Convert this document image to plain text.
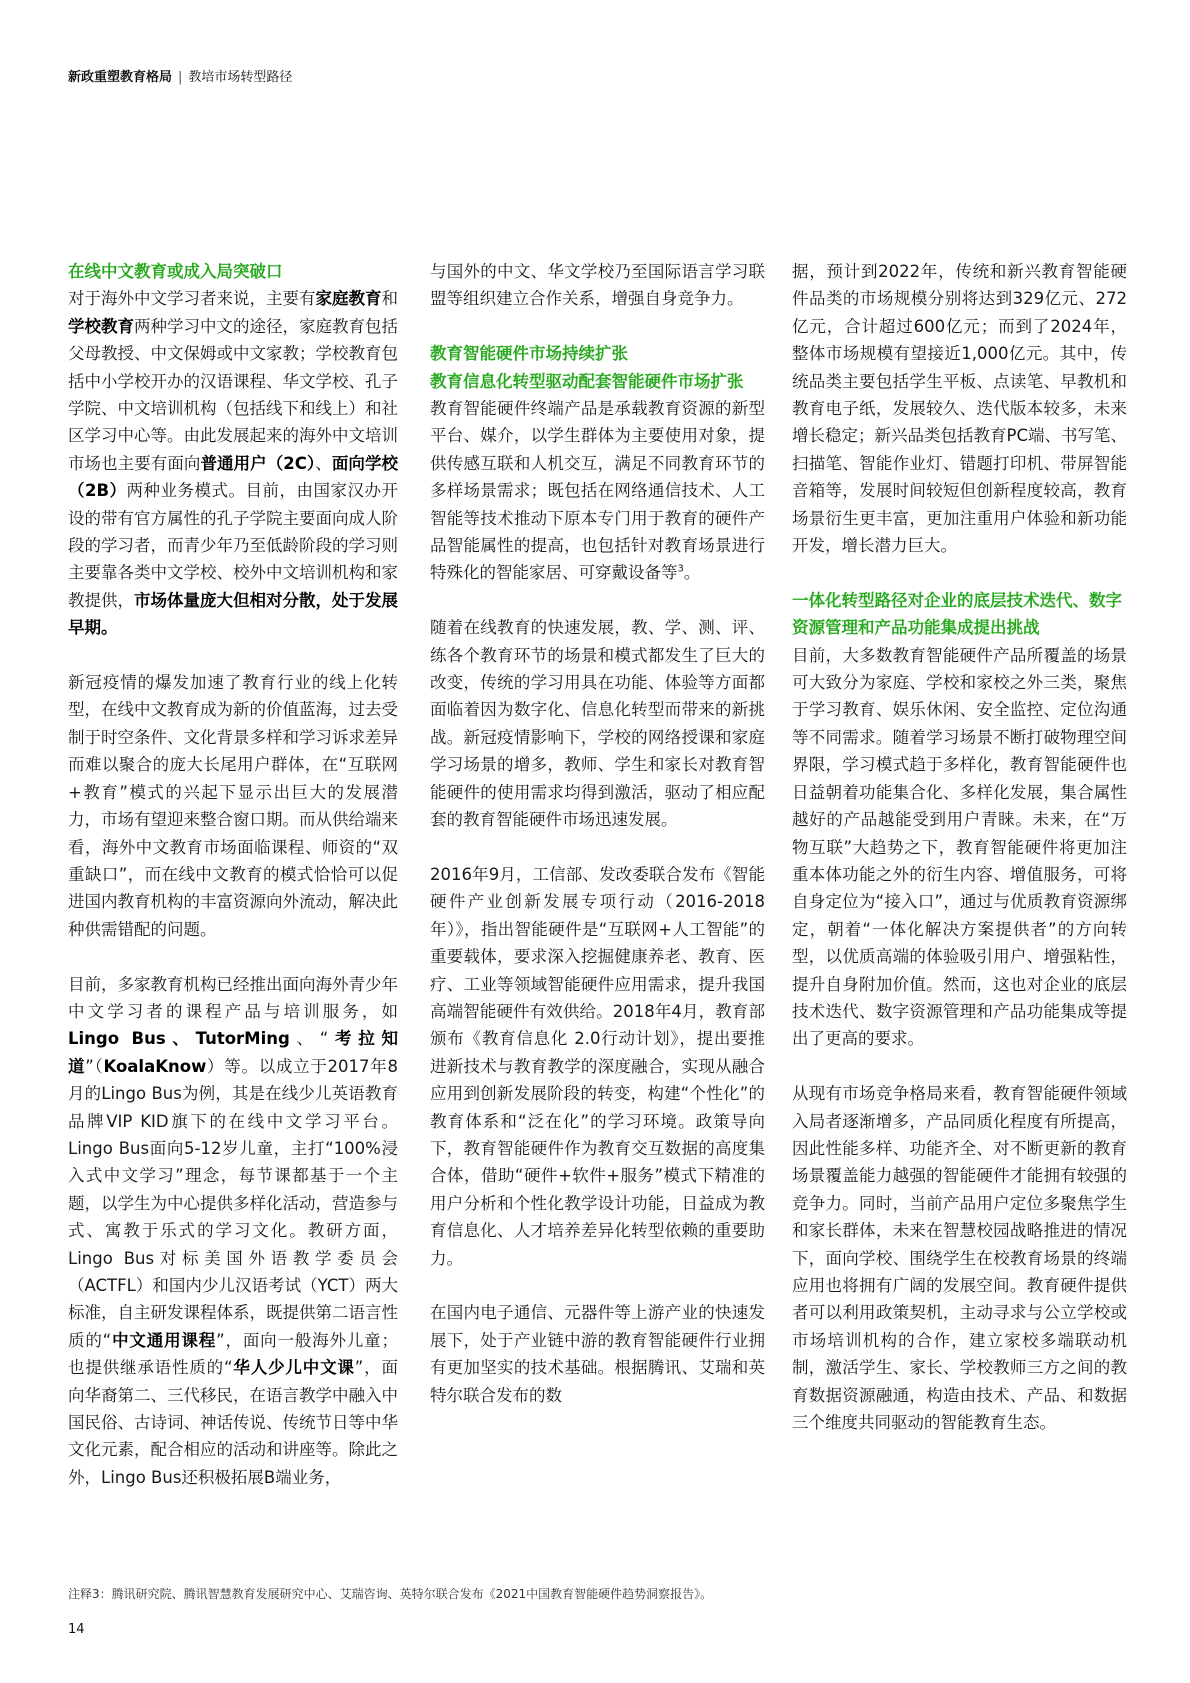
新政重塑教育格局 | 教培市场转型路径
在线中文教育或成入局突破口

对于海外中文学习者来说，主要有家庭教育和学校教育两种学习中文的途径，家庭教育包括父母教授、中文保姆或中文家教；学校教育包括中小学校开办的汉语课程、华文学校、孔子学院、中文培训机构（包括线下和线上）和社区学习中心等。由此发展起来的海外中文培训市场也主要有面向普通用户（2C）、面向学校（2B）两种业务模式。目前，由国家汉办开设的带有官方属性的孔子学院主要面向成人阶段的学习者，而青少年乃至低龄阶段的学习则主要靠各类中文学校、校外中文培训机构和家教提供，市场体量庞大但相对分散，处于发展早期。

新冠疫情的爆发加速了教育行业的线上化转型，在线中文教育成为新的价值蓝海，过去受制于时空条件、文化背景多样和学习诉求差异而难以聚合的庞大长尾用户群体，在“互联网+教育”模式的兴起下显示出巨大的发展潜力，市场有望迎来整合窗口期。而从供给端来看，海外中文教育市场面临课程、师资的“双重缺口”，而在线中文教育的模式恰恰可以促进国内教育机构的丰富资源向外流动，解决此种供需错配的问题。

目前，多家教育机构已经推出面向海外青少年中文学习者的课程产品与培训服务，如Lingo Bus、TutorMing、“考拉知道”（KoalaKnow）等。以成立于2017年8月的Lingo Bus为例，其是在线少儿英语教育品牌VIP KID旗下的在线中文学习平台。Lingo Bus面向5-12岁儿童，主打“100%浸入式中文学习”理念，每节课都基于一个主题，以学生为中心提供多样化活动，营造参与式、寓教于乐式的学习文化。教研方面，Lingo Bus对标美国外语教学委员会（ACTFL）和国内少儿汉语考试（YCT）两大标准，自主研发课程体系，既提供第二语言性质的“中文通用课程”，面向一般海外儿童；也提供继承语性质的“华人少儿中文课”，面向华裔第二、三代移民，在语言教学中融入中国民俗、古诗词、神话传说、传统节日等中华文化元素，配合相应的活动和讲座等。除此之外，Lingo Bus还积极拓展B端业务，

与国外的中文、华文学校乃至国际语言学习联盟等组织建立合作关系，增强自身竞争力。

教育智能硬件市场持续扩张
教育信息化转型驱动配套智能硬件市场扩张

教育智能硬件终端产品是承载教育资源的新型平台、媒介，以学生群体为主要使用对象，提供传感互联和人机交互，满足不同教育环节的多样场景需求；既包括在网络通信技术、人工智能等技术推动下原本专门用于教育的硬件产品智能属性的提高，也包括针对教育场景进行特殊化的智能家居、可穿戴设备等$^3$。

随着在线教育的快速发展，教、学、测、评、练各个教育环节的场景和模式都发生了巨大的改变，传统的学习用具在功能、体验等方面都面临着因为数字化、信息化转型而带来的新挑战。新冠疫情影响下，学校的网络授课和家庭学习场景的增多，教师、学生和家长对教育智能硬件的使用需求均得到激活，驱动了相应配套的教育智能硬件市场迅速发展。

2016年9月，工信部、发改委联合发布《智能硬件产业创新发展专项行动（2016-2018年）》，指出智能硬件是“互联网+人工智能”的重要载体，要求深入挖掘健康养老、教育、医疗、工业等领域智能硬件应用需求，提升我国高端智能硬件有效供给。2018年4月，教育部颁布《教育信息化 2.0行动计划》，提出要推进新技术与教育教学的深度融合，实现从融合应用到创新发展阶段的转变，构建“个性化”的教育体系和“泛在化”的学习环境。政策导向下，教育智能硬件作为教育交互数据的高度集合体，借助“硬件+软件+服务”模式下精准的用户分析和个性化教学设计功能，日益成为教育信息化、人才培养差异化转型依赖的重要助力。

在国内电子通信、元器件等上游产业的快速发展下，处于产业链中游的教育智能硬件行业拥有更加坚实的技术基础。根据腾讯、艾瑞和英特尔联合发布的数

据，预计到2022年，传统和新兴教育智能硬件品类的市场规模分别将达到329亿元、272亿元，合计超过600亿元；而到了2024年，整体市场规模有望接近1,000亿元。其中，传统品类主要包括学生平板、点读笔、早教机和教育电子纸，发展较久、迭代版本较多，未来增长稳定；新兴品类包括教育PC端、书写笔、扫描笔、智能作业灯、错题打印机、带屏智能音箱等，发展时间较短但创新程度较高，教育场景衍生更丰富，更加注重用户体验和新功能开发，增长潜力巨大。

一体化转型路径对企业的底层技术迭代、数字资源管理和产品功能集成提出挑战

目前，大多数教育智能硬件产品所覆盖的场景可大致分为家庭、学校和家校之外三类，聚焦于学习教育、娱乐休闲、安全监控、定位沟通等不同需求。随着学习场景不断打破物理空间界限，学习模式趋于多样化，教育智能硬件也日益朝着功能集合化、多样化发展，集合属性越好的产品越能受到用户青睐。未来，在“万物互联”大趋势之下，教育智能硬件将更加注重本体功能之外的衍生内容、增值服务，可将自身定位为“接入口”，通过与优质教育资源绑定，朝着“一体化解决方案提供者”的方向转型，以优质高端的体验吸引用户、增强粘性，提升自身附加价值。然而，这也对企业的底层技术迭代、数字资源管理和产品功能集成等提出了更高的要求。

从现有市场竞争格局来看，教育智能硬件领域入局者逐渐增多，产品同质化程度有所提高，因此性能多样、功能齐全、对不断更新的教育场景覆盖能力越强的智能硬件才能拥有较强的竞争力。同时，当前产品用户定位多聚焦学生和家长群体，未来在智慧校园战略推进的情况下，面向学校、围绕学生在校教育场景的终端应用也将拥有广阔的发展空间。教育硬件提供者可以利用政策契机，主动寻求与公立学校或市场培训机构的合作，建立家校多端联动机制，激活学生、家长、学校教师三方之间的教育数据资源融通，构造由技术、产品、和数据三个维度共同驱动的智能教育生态。

注释3：腾讯研究院、腾讯智慧教育发展研究中心、艾瑞咨询、英特尔联合发布《2021中国教育智能硬件趋势洞察报告》。
14
